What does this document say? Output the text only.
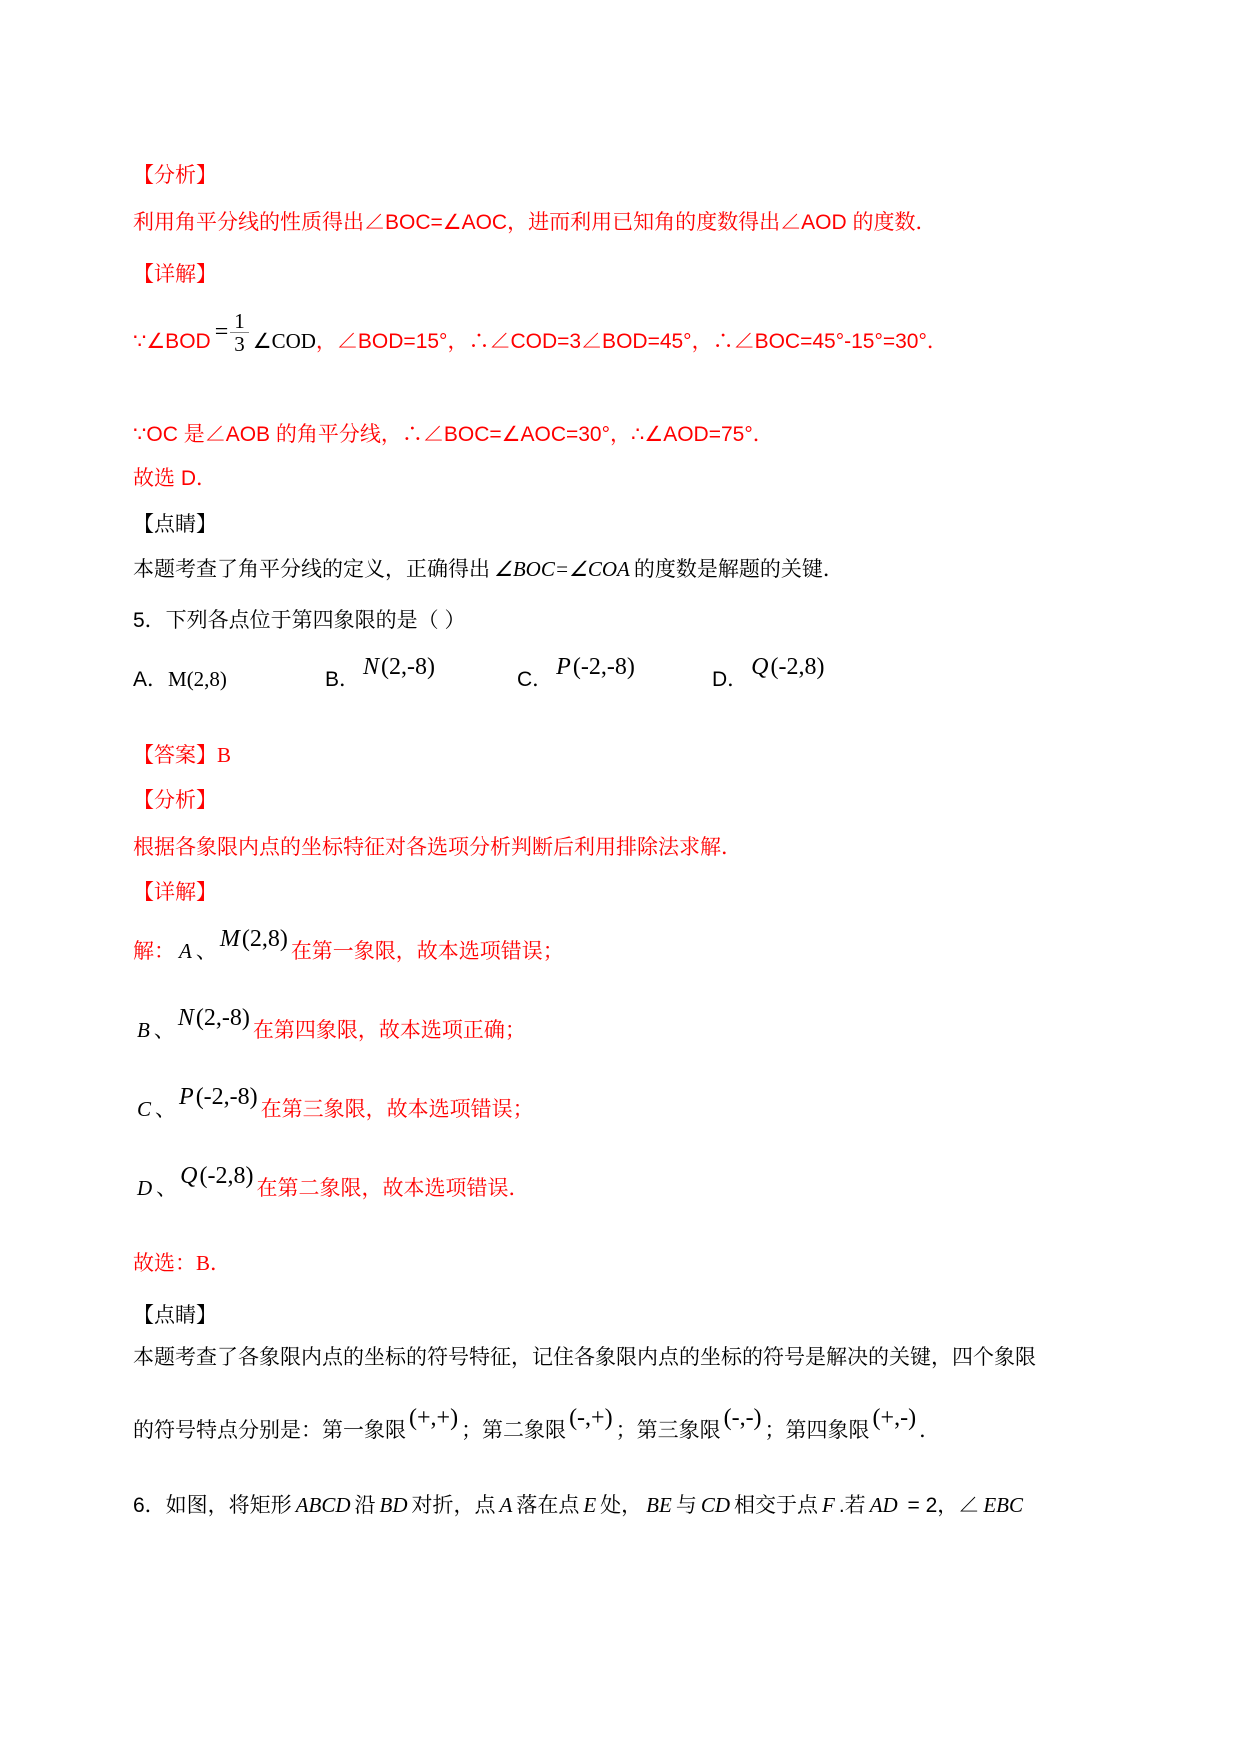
【分析】

利用角平分线的性质得出∠BOC=∠AOC，进而利用已知角的度数得出∠AOD 的度数．

【详解】

∵∠BOD = $\frac{1}{3}$ ∠COD，∠BOD=15°，∴∠COD=3∠BOD=45°，∴∠BOC=45°-15°=30°．

∵OC 是∠AOB 的角平分线，∴∠BOC=∠AOC=30°，∴∠AOD=75°．

故选 D．

【点睛】

本题考查了角平分线的定义，正确得出 ∠BOC=∠COA 的度数是解题的关键．

5．下列各点位于第四象限的是（ ）

A．M(2,8)	B． N(2,-8)	C． P(-2,-8)	D． Q(-2,8)

【答案】B

【分析】

根据各象限内点的坐标特征对各选项分析判断后利用排除法求解．

【详解】

解： A 、 M(2,8) 在第一象限，故本选项错误；

B 、 N(2,-8) 在第四象限，故本选项正确；

C 、 P(-2,-8) 在第三象限，故本选项错误；

D 、 Q(-2,8) 在第二象限，故本选项错误．

故选：B．

【点睛】

本题考查了各象限内点的坐标的符号特征，记住各象限内点的坐标的符号是解决的关键，四个象限

的符号特点分别是：第一象限 (+,+) ；第二象限 (-,+) ；第三象限 (-,-) ；第四象限 (+,-) ．

6．如图，将矩形 ABCD 沿 BD 对折，点 A 落在点 E 处， BE 与 CD 相交于点 F .若 AD = 2，∠ EBC
